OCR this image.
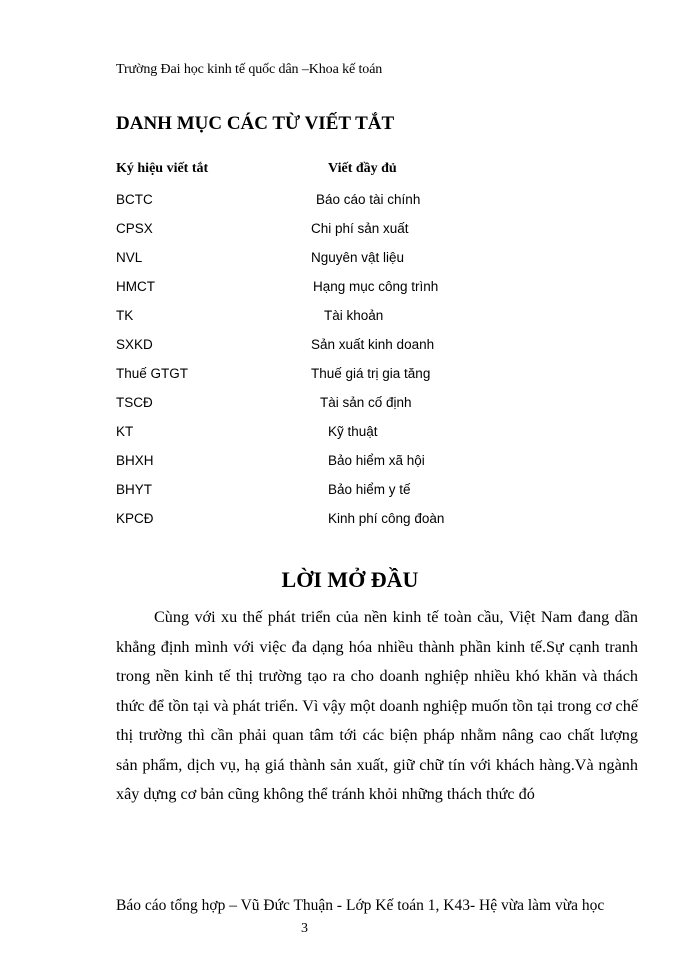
Trường Đai học kinh tế quốc dân –Khoa kế toán
DANH MỤC CÁC TỪ VIẾT TẮT
Ký hiệu viết tắt	Viết đầy đủ
BCTC	Báo cáo tài chính
CPSX	Chi phí sản xuất
NVL	Nguyên vật liệu
HMCT	Hạng mục công trình
TK	Tài khoản
SXKD	Sản xuất kinh doanh
Thuế GTGT	Thuế giá trị gia tăng
TSCĐ	Tài sản cố định
KT	Kỹ thuật
BHXH	Bảo hiểm xã hội
BHYT	Bảo hiểm y tế
KPCĐ	Kinh phí công đoàn
LỜI MỞ ĐẦU

Cùng với xu thế phát triển của nền kinh tế toàn cầu, Việt Nam đang dần khẳng định mình với việc đa dạng hóa nhiều thành phần kinh tế.Sự cạnh tranh trong nền kinh tế thị trường tạo ra cho doanh nghiệp nhiều khó khăn và thách thức để tồn tại và phát triển. Vì vậy một doanh nghiệp muốn tồn tại trong cơ chế thị trường thì cần phải quan tâm tới các biện pháp nhằm nâng cao chất lượng sản phẩm, dịch vụ, hạ giá thành sản xuất, giữ chữ tín với khách hàng.Và ngành xây dựng cơ bản cũng không thể tránh khỏi những thách thức đó

Báo cáo tổng hợp – Vũ Đức Thuận - Lớp Kế toán 1, K43- Hệ vừa làm vừa học
3
